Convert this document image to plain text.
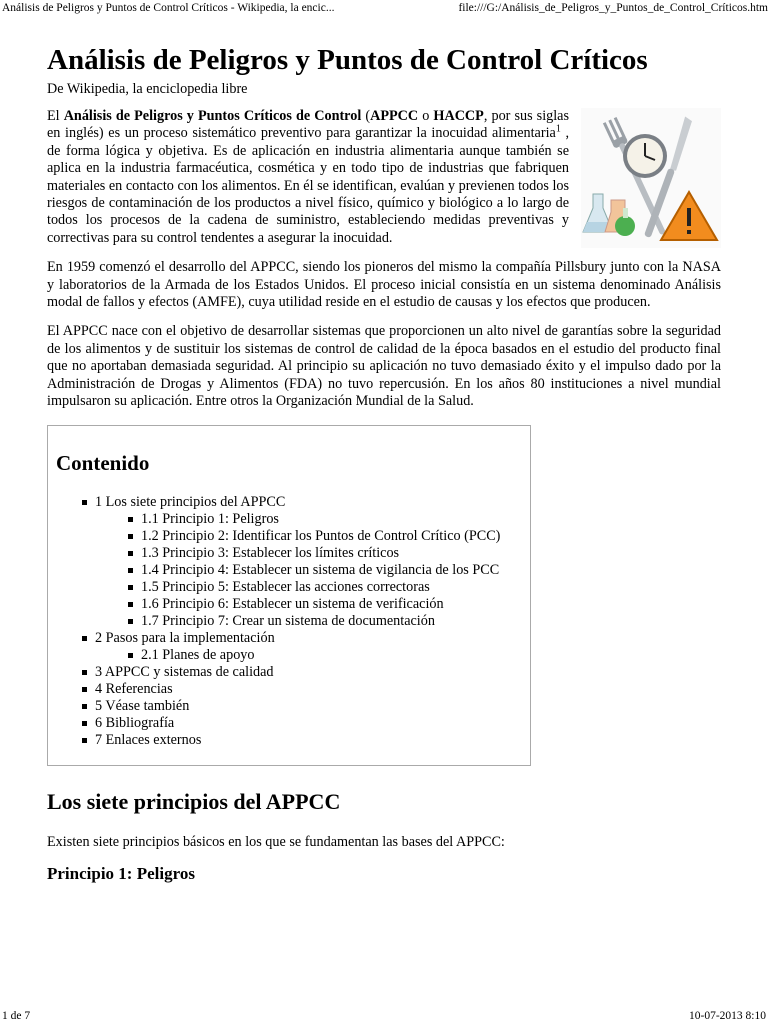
Análisis de Peligros y Puntos de Control Críticos - Wikipedia, la encic...	file:///G:/Análisis_de_Peligros_y_Puntos_de_Control_Críticos.htm
Análisis de Peligros y Puntos de Control Críticos
De Wikipedia, la enciclopedia libre

El Análisis de Peligros y Puntos Críticos de Control (APPCC o HACCP, por sus siglas en inglés) es un proceso sistemático preventivo para garantizar la inocuidad alimentaria$^1$ , de forma lógica y objetiva. Es de aplicación en industria alimentaria aunque también se aplica en la industria farmacéutica, cosmética y en todo tipo de industrias que fabriquen materiales en contacto con los alimentos. En él se identifican, evalúan y previenen todos los riesgos de contaminación de los productos a nivel físico, químico y biológico a lo largo de todos los procesos de la cadena de suministro, estableciendo medidas preventivas y correctivas para su control tendentes a asegurar la inocuidad.

En 1959 comenzó el desarrollo del APPCC, siendo los pioneros del mismo la compañía Pillsbury junto con la NASA y laboratorios de la Armada de los Estados Unidos. El proceso inicial consistía en un sistema denominado Análisis modal de fallos y efectos (AMFE), cuya utilidad reside en el estudio de causas y los efectos que producen.

El APPCC nace con el objetivo de desarrollar sistemas que proporcionen un alto nivel de garantías sobre la seguridad de los alimentos y de sustituir los sistemas de control de calidad de la época basados en el estudio del producto final que no aportaban demasiada seguridad. Al principio su aplicación no tuvo demasiado éxito y el impulso dado por la Administración de Drogas y Alimentos (FDA) no tuvo repercusión. En los años 80 instituciones a nivel mundial impulsaron su aplicación. Entre otros la Organización Mundial de la Salud.

Contenido
1 Los siete principios del APPCC
1.1 Principio 1: Peligros
1.2 Principio 2: Identificar los Puntos de Control Crítico (PCC)
1.3 Principio 3: Establecer los límites críticos
1.4 Principio 4: Establecer un sistema de vigilancia de los PCC
1.5 Principio 5: Establecer las acciones correctoras
1.6 Principio 6: Establecer un sistema de verificación
1.7 Principio 7: Crear un sistema de documentación
2 Pasos para la implementación
2.1 Planes de apoyo
3 APPCC y sistemas de calidad
4 Referencias
5 Véase también
6 Bibliografía
7 Enlaces externos
Los siete principios del APPCC

Existen siete principios básicos en los que se fundamentan las bases del APPCC:

Principio 1: Peligros
1 de 7	10-07-2013 8:10
